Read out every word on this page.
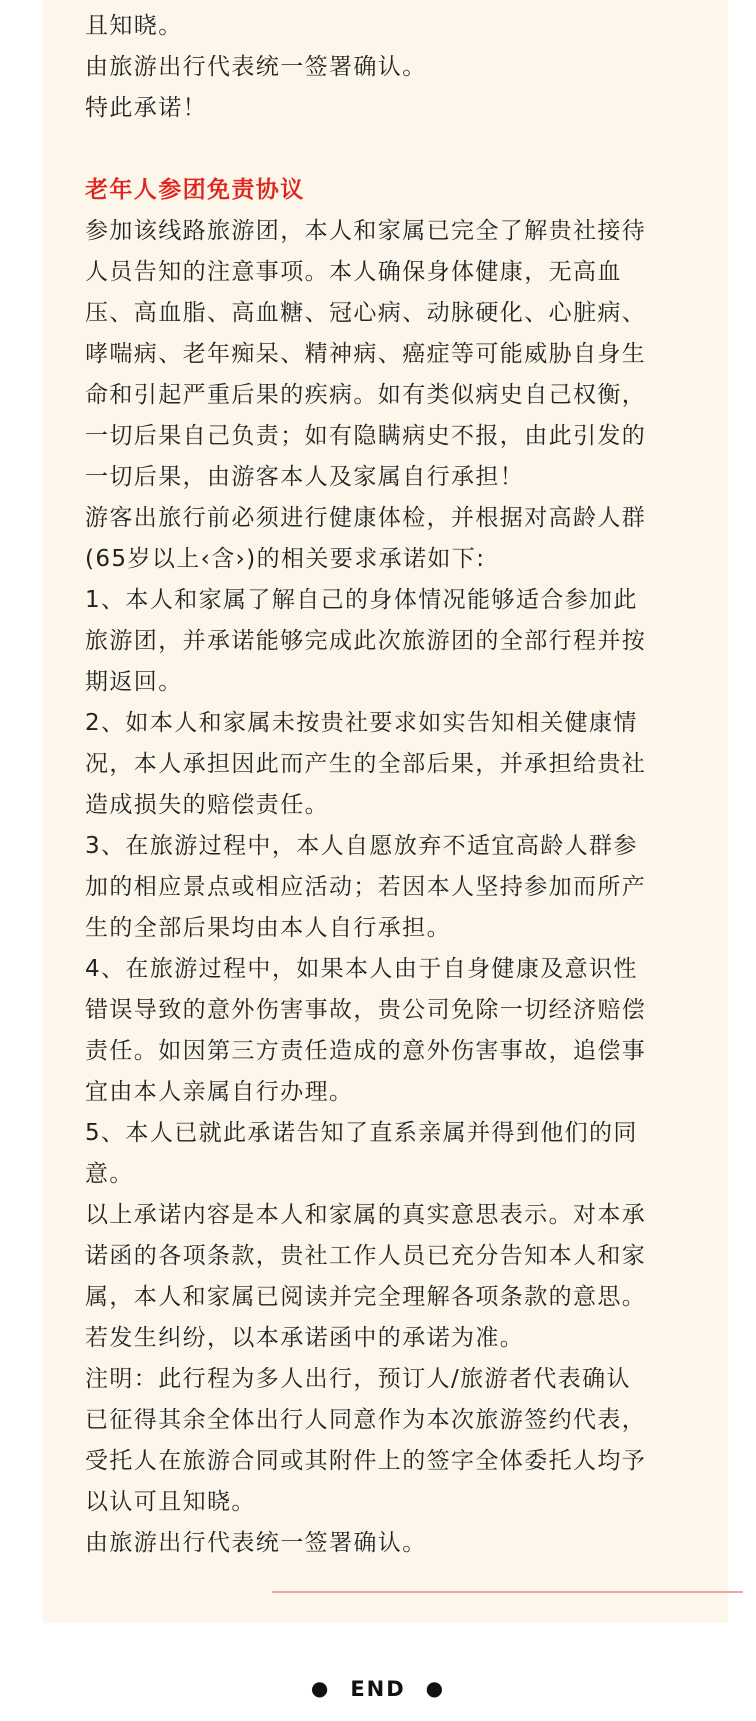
且知晓。

由旅游出行代表统一签署确认。

特此承诺！

老年人参团免责协议

参加该线路旅游团，本人和家属已完全了解贵社接待

人员告知的注意事项。本人确保身体健康，无高血

压、高血脂、高血糖、冠心病、动脉硬化、心脏病、

哮喘病、老年痴呆、精神病、癌症等可能威胁自身生

命和引起严重后果的疾病。如有类似病史自己权衡，

一切后果自己负责；如有隐瞒病史不报，由此引发的

一切后果，由游客本人及家属自行承担！

游客出旅行前必须进行健康体检，并根据对高龄人群

(65岁以上‹含›)的相关要求承诺如下:

1、本人和家属了解自己的身体情况能够适合参加此

旅游团，并承诺能够完成此次旅游团的全部行程并按

期返回。

2、如本人和家属未按贵社要求如实告知相关健康情

况，本人承担因此而产生的全部后果，并承担给贵社

造成损失的赔偿责任。

3、在旅游过程中，本人自愿放弃不适宜高龄人群参

加的相应景点或相应活动；若因本人坚持参加而所产

生的全部后果均由本人自行承担。

4、在旅游过程中，如果本人由于自身健康及意识性

错误导致的意外伤害事故，贵公司免除一切经济赔偿

责任。如因第三方责任造成的意外伤害事故，追偿事

宜由本人亲属自行办理。

5、本人已就此承诺告知了直系亲属并得到他们的同

意。

以上承诺内容是本人和家属的真实意思表示。对本承

诺函的各项条款，贵社工作人员已充分告知本人和家

属，本人和家属已阅读并完全理解各项条款的意思。

若发生纠纷，以本承诺函中的承诺为准。

注明：此行程为多人出行，预订人/旅游者代表确认

已征得其余全体出行人同意作为本次旅游签约代表，

受托人在旅游合同或其附件上的签字全体委托人均予

以认可且知晓。

由旅游出行代表统一签署确认。

● END ●
